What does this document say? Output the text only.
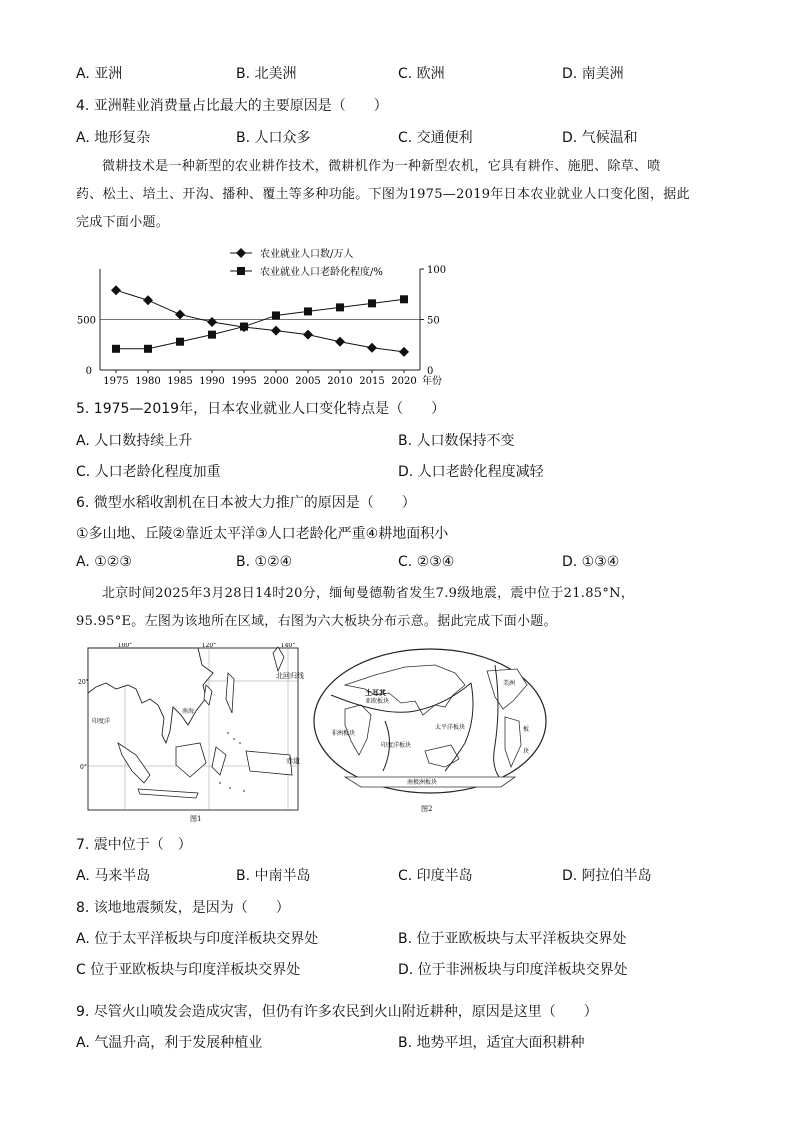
A. 亚洲	B. 北美洲	C. 欧洲	D. 南美洲
4. 亚洲鞋业消费量占比最大的主要原因是（　　）
A. 地形复杂	B. 人口众多	C. 交通便利	D. 气候温和
微耕技术是一种新型的农业耕作技术，微耕机作为一种新型农机，它具有耕作、施肥、除草、喷
药、松土、培土、开沟、播种、覆土等多种功能。下图为1975—2019年日本农业就业人口变化图，据此
完成下面小题。
农业就业人口数/万人
农业就业人口老龄化程度/%
1975 1980 1985 1990 1995 2000 2005 2010 2015 2020 年份
500
0
100
50
0
5. 1975—2019年，日本农业就业人口变化特点是（　　）
A. 人口数持续上升	B. 人口数保持不变
C. 人口老龄化程度加重	D. 人口老龄化程度减轻
6. 微型水稻收割机在日本被大力推广的原因是（　　）
①多山地、丘陵②靠近太平洋③人口老龄化严重④耕地面积小
A. ①②③	B. ①②④	C. ②③④	D. ①③④
北京时间2025年3月28日14时20分，缅甸曼德勒省发生7.9级地震，震中位于21.85°N，
95.95°E。左图为该地所在区域，右图为六大板块分布示意。据此完成下面小题。
100°	120°	140°
20°
0°
北回归线
赤道
南海
印度洋
图1
亚欧板块
土耳其
非洲板块
印度洋板块
太平洋板块
美洲
板
块
南极洲板块
图2
7. 震中位于（　）
A. 马来半岛	B. 中南半岛	C. 印度半岛	D. 阿拉伯半岛
8. 该地地震频发，是因为（　　）
A. 位于太平洋板块与印度洋板块交界处	B. 位于亚欧板块与太平洋板块交界处
C 位于亚欧板块与印度洋板块交界处	D. 位于非洲板块与印度洋板块交界处
9. 尽管火山喷发会造成灾害，但仍有许多农民到火山附近耕种，原因是这里（　　）
A. 气温升高，利于发展种植业	B. 地势平坦，适宜大面积耕种
